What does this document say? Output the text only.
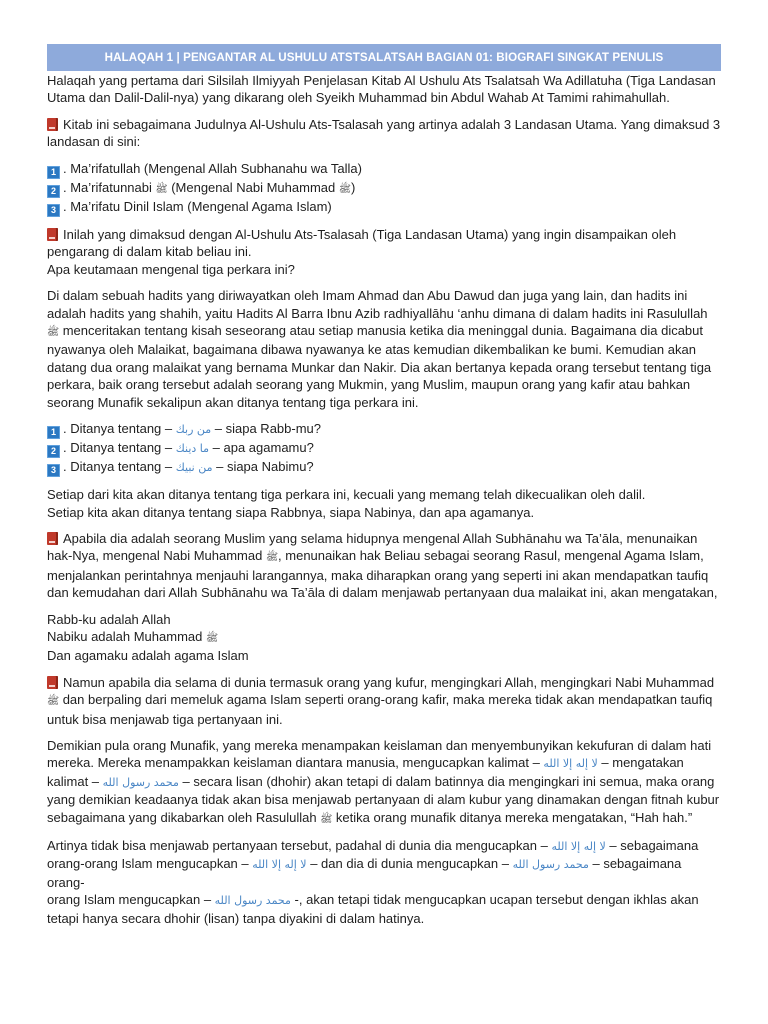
HALAQAH 1 | PENGANTAR AL USHULU ATSTSALATSAH BAGIAN 01: BIOGRAFI SINGKAT PENULIS

Halaqah yang pertama dari Silsilah Ilmiyyah Penjelasan Kitab Al Ushulu Ats Tsalatsah Wa Adillatuha (Tiga Landasan
Utama dan Dalil-Dalil-nya) yang dikarang oleh Syeikh Muhammad bin Abdul Wahab At Tamimi rahimahullah.

Kitab ini sebagaimana Judulnya Al-Ushulu Ats-Tsalasah yang artinya adalah 3 Landasan Utama. Yang dimaksud 3
landasan di sini:

1 . Ma’rifatullah (Mengenal Allah Subhanahu wa Talla)
2 . Ma’rifatunnabi ﷺ (Mengenal Nabi Muhammad ﷺ)
3 . Ma’rifatu Dinil Islam (Mengenal Agama Islam)

Inilah yang dimaksud dengan Al-Ushulu Ats-Tsalasah (Tiga Landasan Utama) yang ingin disampaikan oleh
pengarang di dalam kitab beliau ini.
Apa keutamaan mengenal tiga perkara ini?

Di dalam sebuah hadits yang diriwayatkan oleh Imam Ahmad dan Abu Dawud dan juga yang lain, dan hadits ini
adalah hadits yang shahih, yaitu Hadits Al Barra Ibnu Azib radhiyallāhu ‘anhu dimana di dalam hadits ini Rasulullah
ﷺ menceritakan tentang kisah seseorang atau setiap manusia ketika dia meninggal dunia. Bagaimana dia dicabut
nyawanya oleh Malaikat, bagaimana dibawa nyawanya ke atas kemudian dikembalikan ke bumi. Kemudian akan
datang dua orang malaikat yang bernama Munkar dan Nakir. Dia akan bertanya kepada orang tersebut tentang tiga
perkara, baik orang tersebut adalah seorang yang Mukmin, yang Muslim, maupun orang yang kafir atau bahkan
seorang Munafik sekalipun akan ditanya tentang tiga perkara ini.

1 . Ditanya tentang – من ربك – siapa Rabb-mu?
2 . Ditanya tentang – ما دينك – apa agamamu?
3 . Ditanya tentang – من نبيك – siapa Nabimu?

Setiap dari kita akan ditanya tentang tiga perkara ini, kecuali yang memang telah dikecualikan oleh dalil.
Setiap kita akan ditanya tentang siapa Rabbnya, siapa Nabinya, dan apa agamanya.

Apabila dia adalah seorang Muslim yang selama hidupnya mengenal Allah Subhānahu wa Ta’āla, menunaikan
hak-Nya, mengenal Nabi Muhammad ﷺ, menunaikan hak Beliau sebagai seorang Rasul, mengenal Agama Islam,
menjalankan perintahnya menjauhi larangannya, maka diharapkan orang yang seperti ini akan mendapatkan taufiq
dan kemudahan dari Allah Subhānahu wa Ta’āla di dalam menjawab pertanyaan dua malaikat ini, akan mengatakan,

Rabb-ku adalah Allah
Nabiku adalah Muhammad ﷺ
Dan agamaku adalah agama Islam

Namun apabila dia selama di dunia termasuk orang yang kufur, mengingkari Allah, mengingkari Nabi Muhammad
ﷺ dan berpaling dari memeluk agama Islam seperti orang-orang kafir, maka mereka tidak akan mendapatkan taufiq
untuk bisa menjawab tiga pertanyaan ini.

Demikian pula orang Munafik, yang mereka menampakan keislaman dan menyembunyikan kekufuran di dalam hati
mereka. Mereka menampakkan keislaman diantara manusia, mengucapkan kalimat – لا إله إلا الله – mengatakan
kalimat – محمد رسول الله – secara lisan (dhohir) akan tetapi di dalam batinnya dia mengingkari ini semua, maka orang
yang demikian keadaanya tidak akan bisa menjawab pertanyaan di alam kubur yang dinamakan dengan fitnah kubur
sebagaimana yang dikabarkan oleh Rasulullah ﷺ ketika orang munafik ditanya mereka mengatakan, “Hah hah.”

Artinya tidak bisa menjawab pertanyaan tersebut, padahal di dunia dia mengucapkan – لا إله إلا الله – sebagaimana
orang-orang Islam mengucapkan – لا إله إلا الله – dan dia di dunia mengucapkan – محمد رسول الله – sebagaimana orang-
orang Islam mengucapkan – محمد رسول الله -, akan tetapi tidak mengucapkan ucapan tersebut dengan ikhlas akan
tetapi hanya secara dhohir (lisan) tanpa diyakini di dalam hatinya.
